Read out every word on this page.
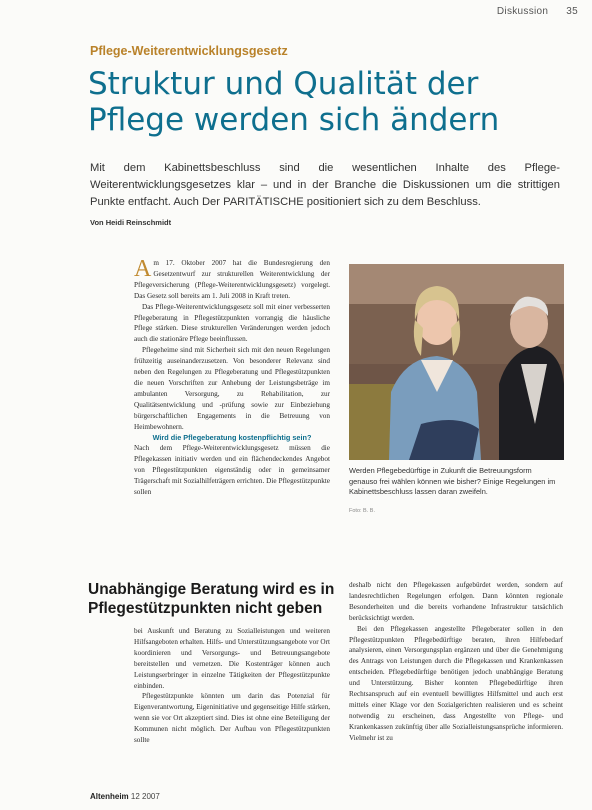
Diskussion 35
Pflege-Weiterentwicklungsgesetz
Struktur und Qualität der Pflege werden sich ändern
Mit dem Kabinettsbeschluss sind die wesentlichen Inhalte des Pflege-Weiterentwicklungsgesetzes klar – und in der Branche die Diskussionen um die strittigen Punkte entfacht. Auch Der PARITÄTISCHE positioniert sich zu dem Beschluss.
Von Heidi Reinschmidt

Am 17. Oktober 2007 hat die Bundesregierung den Gesetzentwurf zur strukturellen Weiterentwicklung der Pflegeversicherung (Pflege-Weiterentwicklungsgesetz) vorgelegt. Das Gesetz soll bereits am 1. Juli 2008 in Kraft treten.

Das Pflege-Weiterentwicklungsgesetz soll mit einer verbesserten Pflegeberatung in Pflegestützpunkten vorrangig die häusliche Pflege stärken. Diese strukturellen Veränderungen werden jedoch auch die stationäre Pflege beeinflussen.

Pflegeheime sind mit Sicherheit sich mit den neuen Regelungen frühzeitig auseinanderzusetzen. Von besonderer Relevanz sind neben den Regelungen zu Pflegeberatung und Pflegestützpunkten die neuen Vorschriften zur Anhebung der Leistungsbeträge im ambulanten Versorgung, zu Rehabilitation, zur Qualitätsentwicklung und -prüfung sowie zur Einbeziehung bürgerschaftlichen Engagements in die Betreuung von Heimbewohnern.

Wird die Pflegeberatung kostenpflichtig sein?

Nach dem Pflege-Weiterentwicklungsgesetz müssen die Pflegekassen initiativ werden und ein flächendeckendes Angebot von Pflegestützpunkten eigenständig oder in gemeinsamer Trägerschaft mit Sozialhilfeträgern errichten. Die Pflegestützpunkte sollen

Unabhängige Beratung wird es in Pflegestützpunkten nicht geben

bei Auskunft und Beratung zu Sozialleistungen und weiteren Hilfsangeboten erhalten. Hilfs- und Unterstützungsangebote vor Ort koordinieren und Versorgungs- und Betreuungsangebote bereitstellen und vernetzen. Die Kostenträger können auch Leistungserbringer in einzelne Tätigkeiten der Pflegestützpunkte einbinden.

Pflegestützpunkte könnten um darin das Potenzial für Eigenverantwortung, Eigeninitiative und gegenseitige Hilfe stärken, wenn sie vor Ort akzeptiert sind. Dies ist ohne eine Beteiligung der Kommunen nicht möglich. Der Aufbau von Pflegestützpunkten sollte

Werden Pflegebedürftige in Zukunft die Betreuungsform genauso frei wählen können wie bisher? Einige Regelungen im Kabinettsbeschluss lassen daran zweifeln.
Foto: B. B.

deshalb nicht den Pflegekassen aufgebürdet werden, sondern auf landesrechtlichen Regelungen erfolgen. Dann könnten regionale Besonderheiten und die bereits vorhandene Infrastruktur tatsächlich berücksichtigt werden.

Bei den Pflegekassen angestellte Pflegeberater sollen in den Pflegestützpunkten Pflegebedürftige beraten, ihren Hilfebedarf analysieren, einen Versorgungsplan ergänzen und über die Genehmigung des Antrags von Leistungen durch die Pflegekassen und Krankenkassen entscheiden. Pflegebedürftige benötigen jedoch unabhängige Beratung und Unterstützung. Bisher konnten Pflegebedürftige ihren Rechtsanspruch auf ein eventuell bewilligtes Hilfsmittel und auch erst mittels einer Klage vor den Sozialgerichten realisieren und es scheint notwendig zu erscheinen, dass Angestellte von Pflege- und Krankenkassen zukünftig über alle Sozialleistungsansprüche informieren. Vielmehr ist zu

Altenheim 12 2007
